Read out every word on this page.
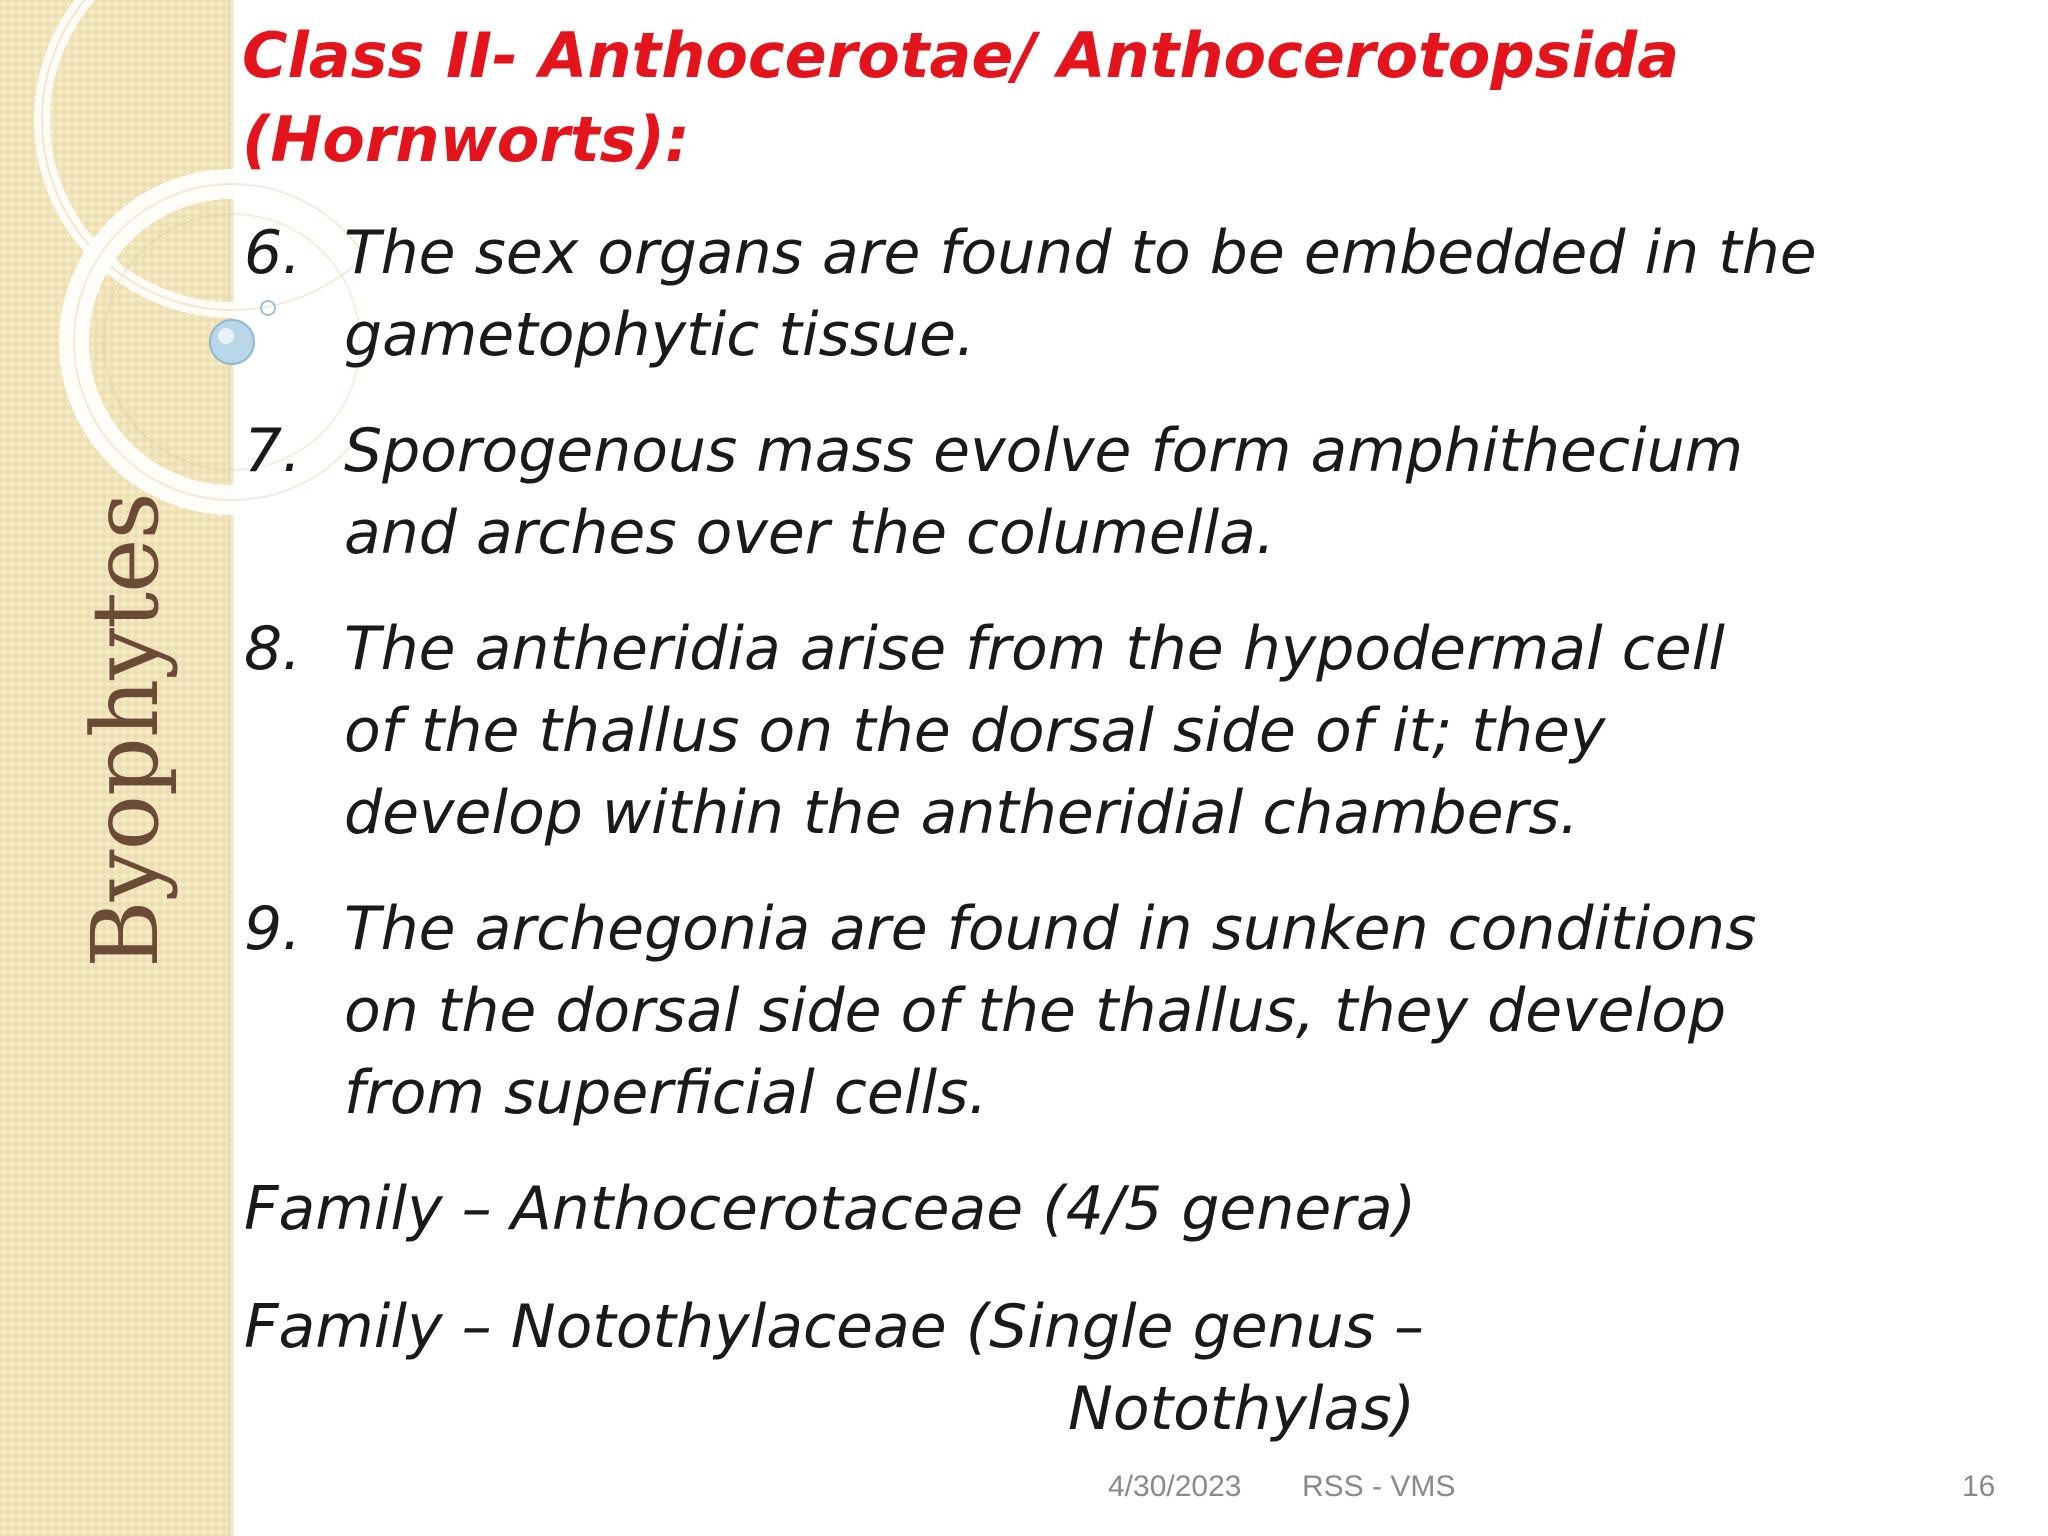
Byophytes
Class II- Anthocerotae/ Anthocerotopsida
(Hornworts):
6. The sex organs are found to be embedded in the
gametophytic tissue.
7. Sporogenous mass evolve form amphithecium
and arches over the columella.
8. The antheridia arise from the hypodermal cell
of the thallus on the dorsal side of it; they
develop within the antheridial chambers.
9. The archegonia are found in sunken conditions
on the dorsal side of the thallus, they develop
from superficial cells.
Family – Anthocerotaceae (4/5 genera)
Family – Notothylaceae (Single genus –
Notothylas)
4/30/2023 RSS - VMS	16
